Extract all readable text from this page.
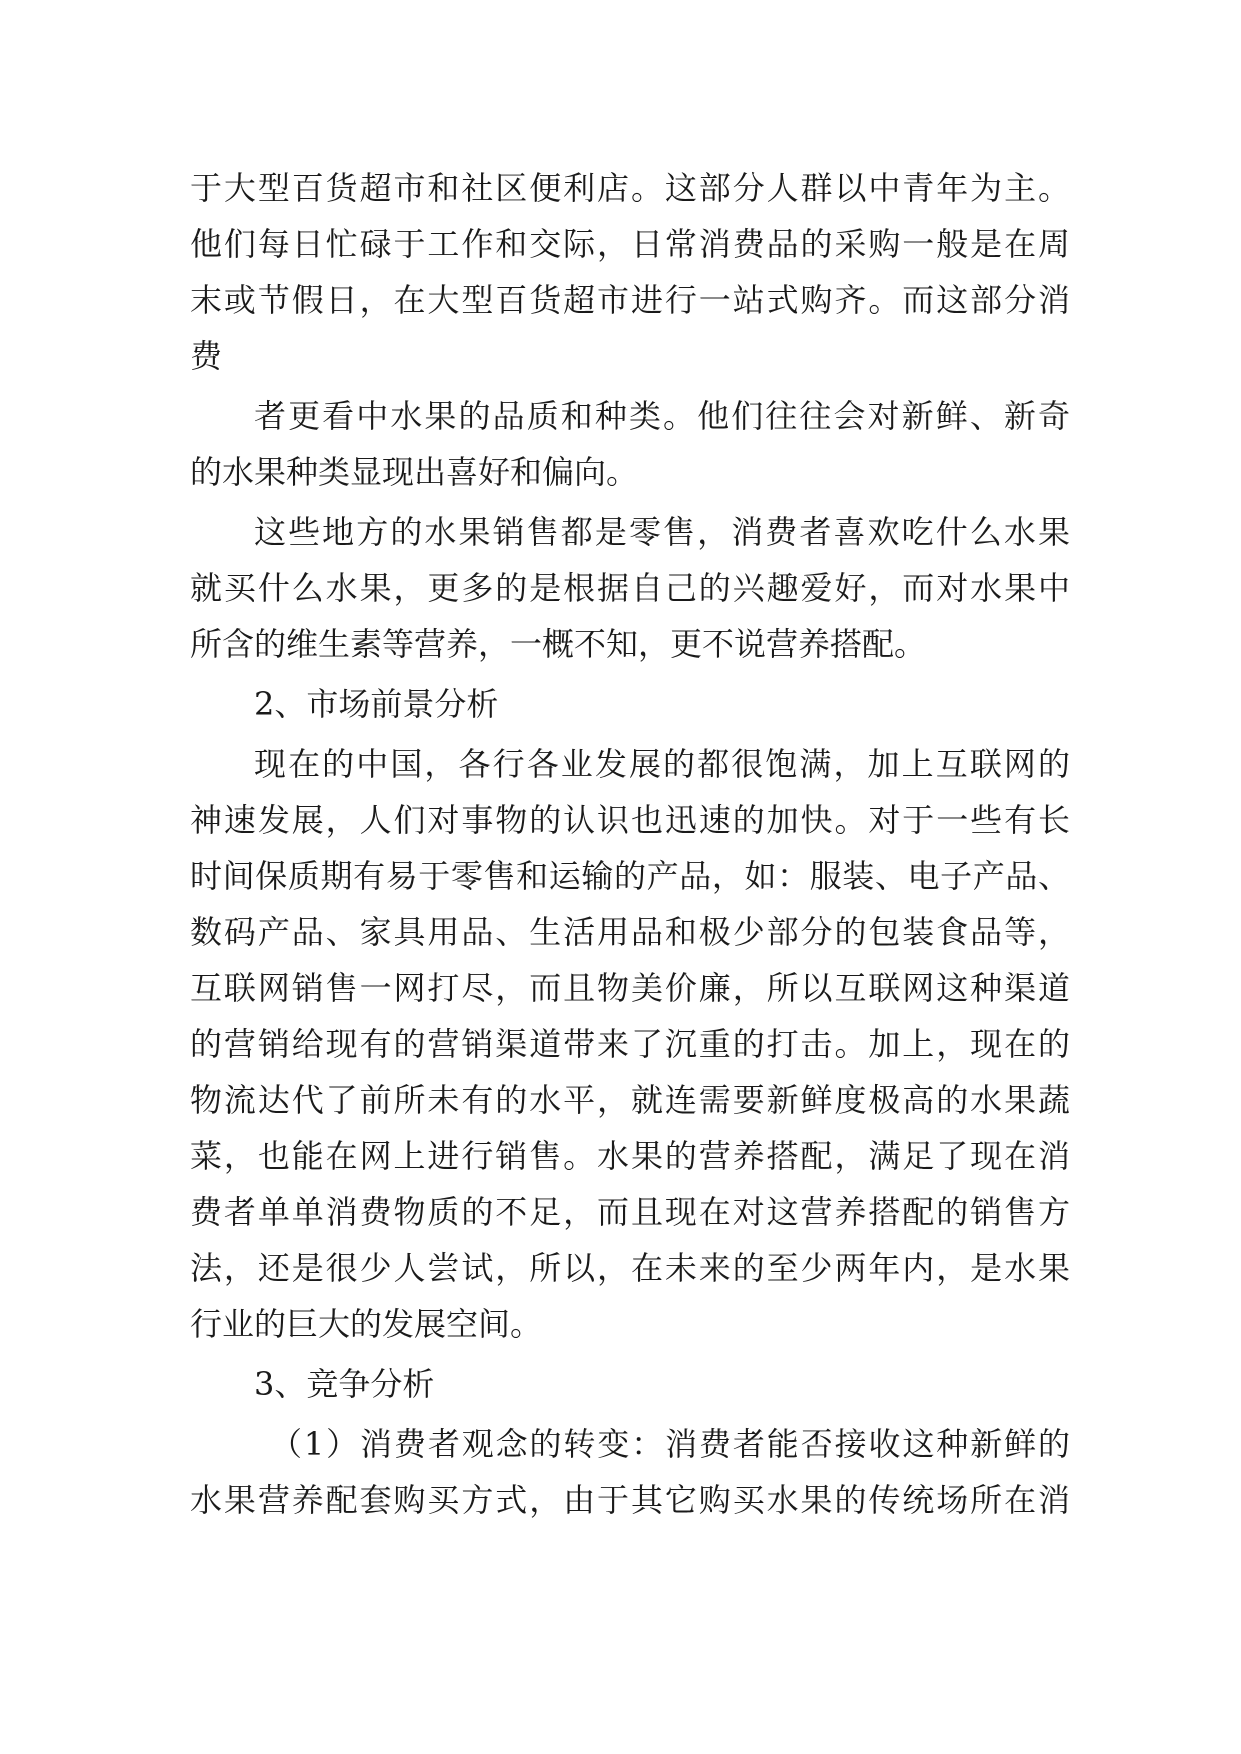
于大型百货超市和社区便利店。这部分人群以中青年为主。
他们每日忙碌于工作和交际，日常消费品的采购一般是在周
末或节假日，在大型百货超市进行一站式购齐。而这部分消
费
者更看中水果的品质和种类。他们往往会对新鲜、新奇
的水果种类显现出喜好和偏向。
这些地方的水果销售都是零售，消费者喜欢吃什么水果
就买什么水果，更多的是根据自己的兴趣爱好，而对水果中
所含的维生素等营养，一概不知，更不说营养搭配。
2、市场前景分析
现在的中国，各行各业发展的都很饱满，加上互联网的
神速发展，人们对事物的认识也迅速的加快。对于一些有长
时间保质期有易于零售和运输的产品，如：服装、电子产品、
数码产品、家具用品、生活用品和极少部分的包装食品等，
互联网销售一网打尽，而且物美价廉，所以互联网这种渠道
的营销给现有的营销渠道带来了沉重的打击。加上，现在的
物流达代了前所未有的水平，就连需要新鲜度极高的水果蔬
菜，也能在网上进行销售。水果的营养搭配，满足了现在消
费者单单消费物质的不足，而且现在对这营养搭配的销售方
法，还是很少人尝试，所以，在未来的至少两年内，是水果
行业的巨大的发展空间。
3、竞争分析
（1）消费者观念的转变：消费者能否接收这种新鲜的
水果营养配套购买方式，由于其它购买水果的传统场所在消
